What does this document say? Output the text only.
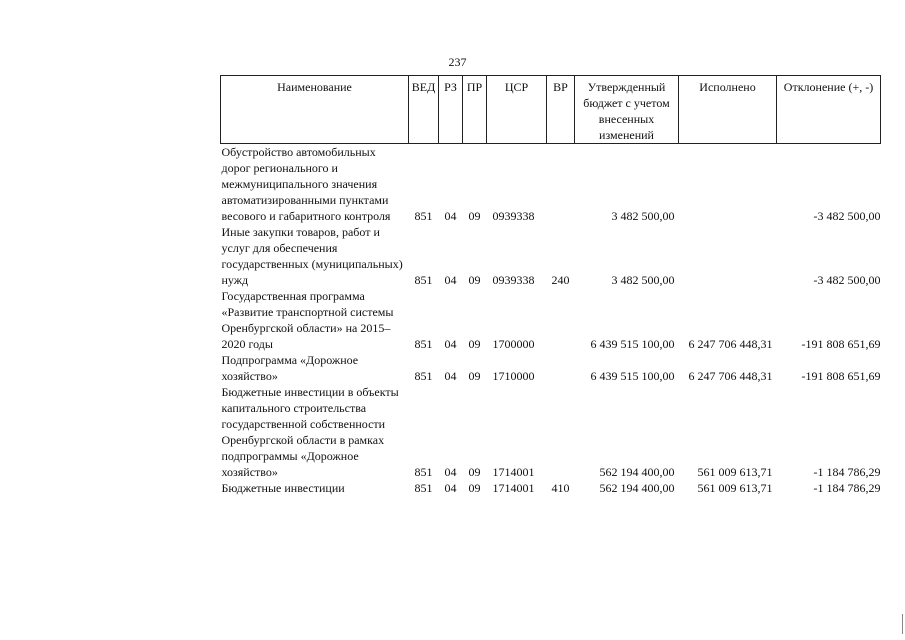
237
Наименование	ВЕД	РЗ	ПР	ЦСР	ВР	Утвержденный бюджет с учетом внесенных изменений	Исполнено	Отклонение (+, -)
Обустройство автомобильных дорог регионального и межмуниципального значения автоматизированными пунктами весового и габаритного контроля	851	04	09	0939338		3 482 500,00		-3 482 500,00
Иные закупки товаров, работ и услуг для обеспечения государственных (муниципальных) нужд	851	04	09	0939338	240	3 482 500,00		-3 482 500,00
Государственная программа «Развитие транспортной системы Оренбургской области» на 2015–2020 годы	851	04	09	1700000		6 439 515 100,00	6 247 706 448,31	-191 808 651,69
Подпрограмма «Дорожное хозяйство»	851	04	09	1710000		6 439 515 100,00	6 247 706 448,31	-191 808 651,69
Бюджетные инвестиции в объекты капитального строительства государственной собственности Оренбургской области в рамках подпрограммы «Дорожное хозяйство»	851	04	09	1714001		562 194 400,00	561 009 613,71	-1 184 786,29
Бюджетные инвестиции	851	04	09	1714001	410	562 194 400,00	561 009 613,71	-1 184 786,29
